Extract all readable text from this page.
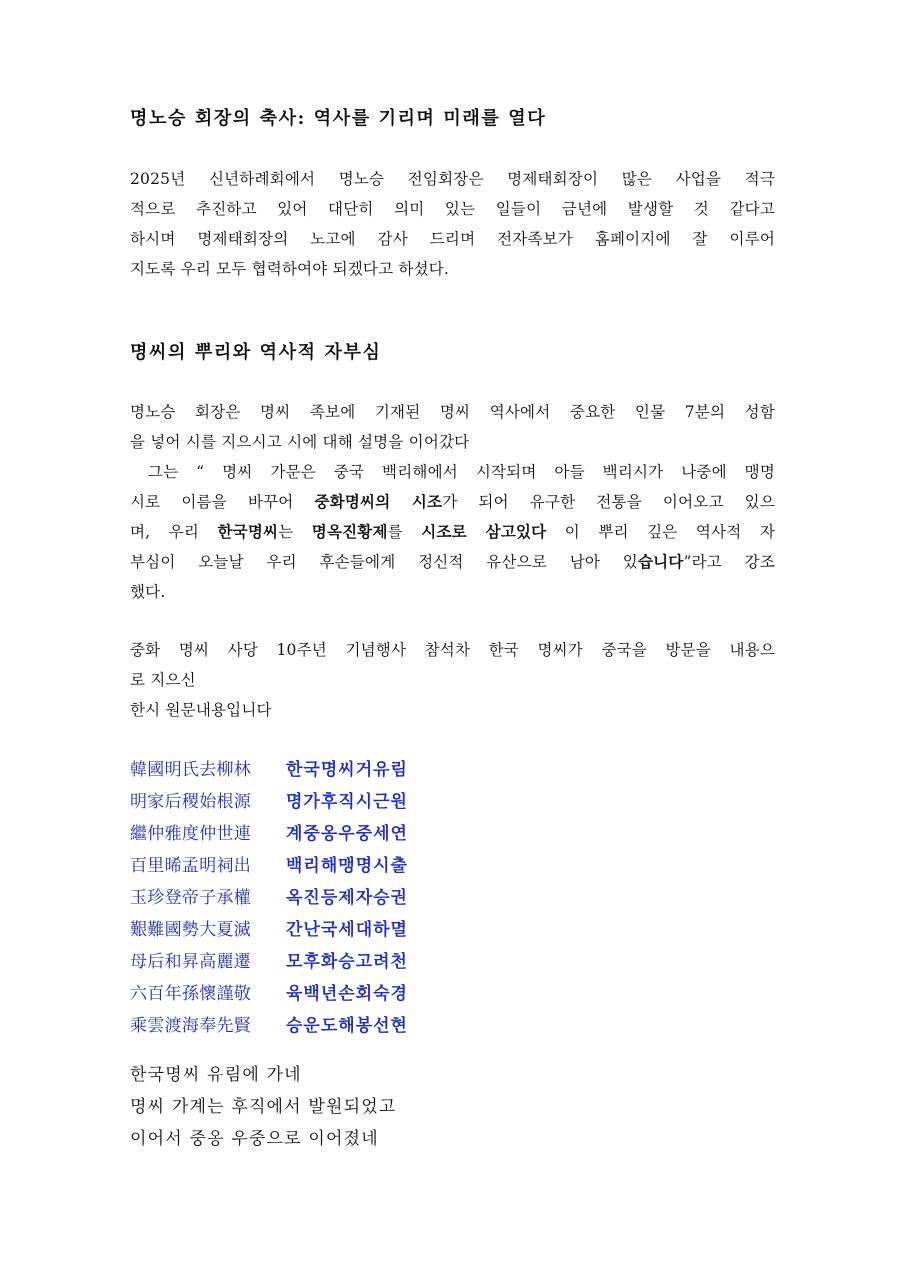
명노승 회장의 축사: 역사를 기리며 미래를 열다
2025년 신년하례회에서 명노승 전임회장은 명제태회장이 많은 사업을 적극
적으로 추진하고 있어 대단히 의미 있는 일들이 금년에 발생할 것 같다고
하시며 명제태회장의 노고에 감사 드리며 전자족보가 홈페이지에 잘 이루어
지도록 우리 모두 협력하여야 되겠다고 하셨다.
명씨의 뿌리와 역사적 자부심
명노승 회장은 명씨 족보에 기재된 명씨 역사에서 중요한 인물 7분의 성함
을 넣어 시를 지으시고 시에 대해 설명을 이어갔다
그는 “ 명씨 가문은 중국 백리해에서 시작되며 아들 백리시가 나중에 맹명
시로 이름을 바꾸어 중화명씨의 시조가 되어 유구한 전통을 이어오고 있으
며, 우리 한국명씨는 명옥진황제를 시조로 삼고있다 이 뿌리 깊은 역사적 자
부심이 오늘날 우리 후손들에게 정신적 유산으로 남아 있습니다”라고 강조
했다.
중화 명씨 사당 10주년 기념행사 참석차 한국 명씨가 중국을 방문을 내용으
로 지으신
한시 원문내용입니다
韓國明氏去柳林	한국명씨거유림
明家后稷始根源	명가후직시근원
繼仲雅度仲世連	계중옹우중세연
百里晞孟明祠出	백리해맹명시출
玉珍登帝子承權	옥진등제자승권
艱難國勢大夏滅	간난국세대하멸
母后和昇高麗遷	모후화승고려천
六百年孫懷謹敬	육백년손회숙경
乘雲渡海奉先賢	승운도해봉선현
한국명씨 유림에 가네
명씨 가계는 후직에서 발원되었고
이어서 중옹 우중으로 이어졌네
